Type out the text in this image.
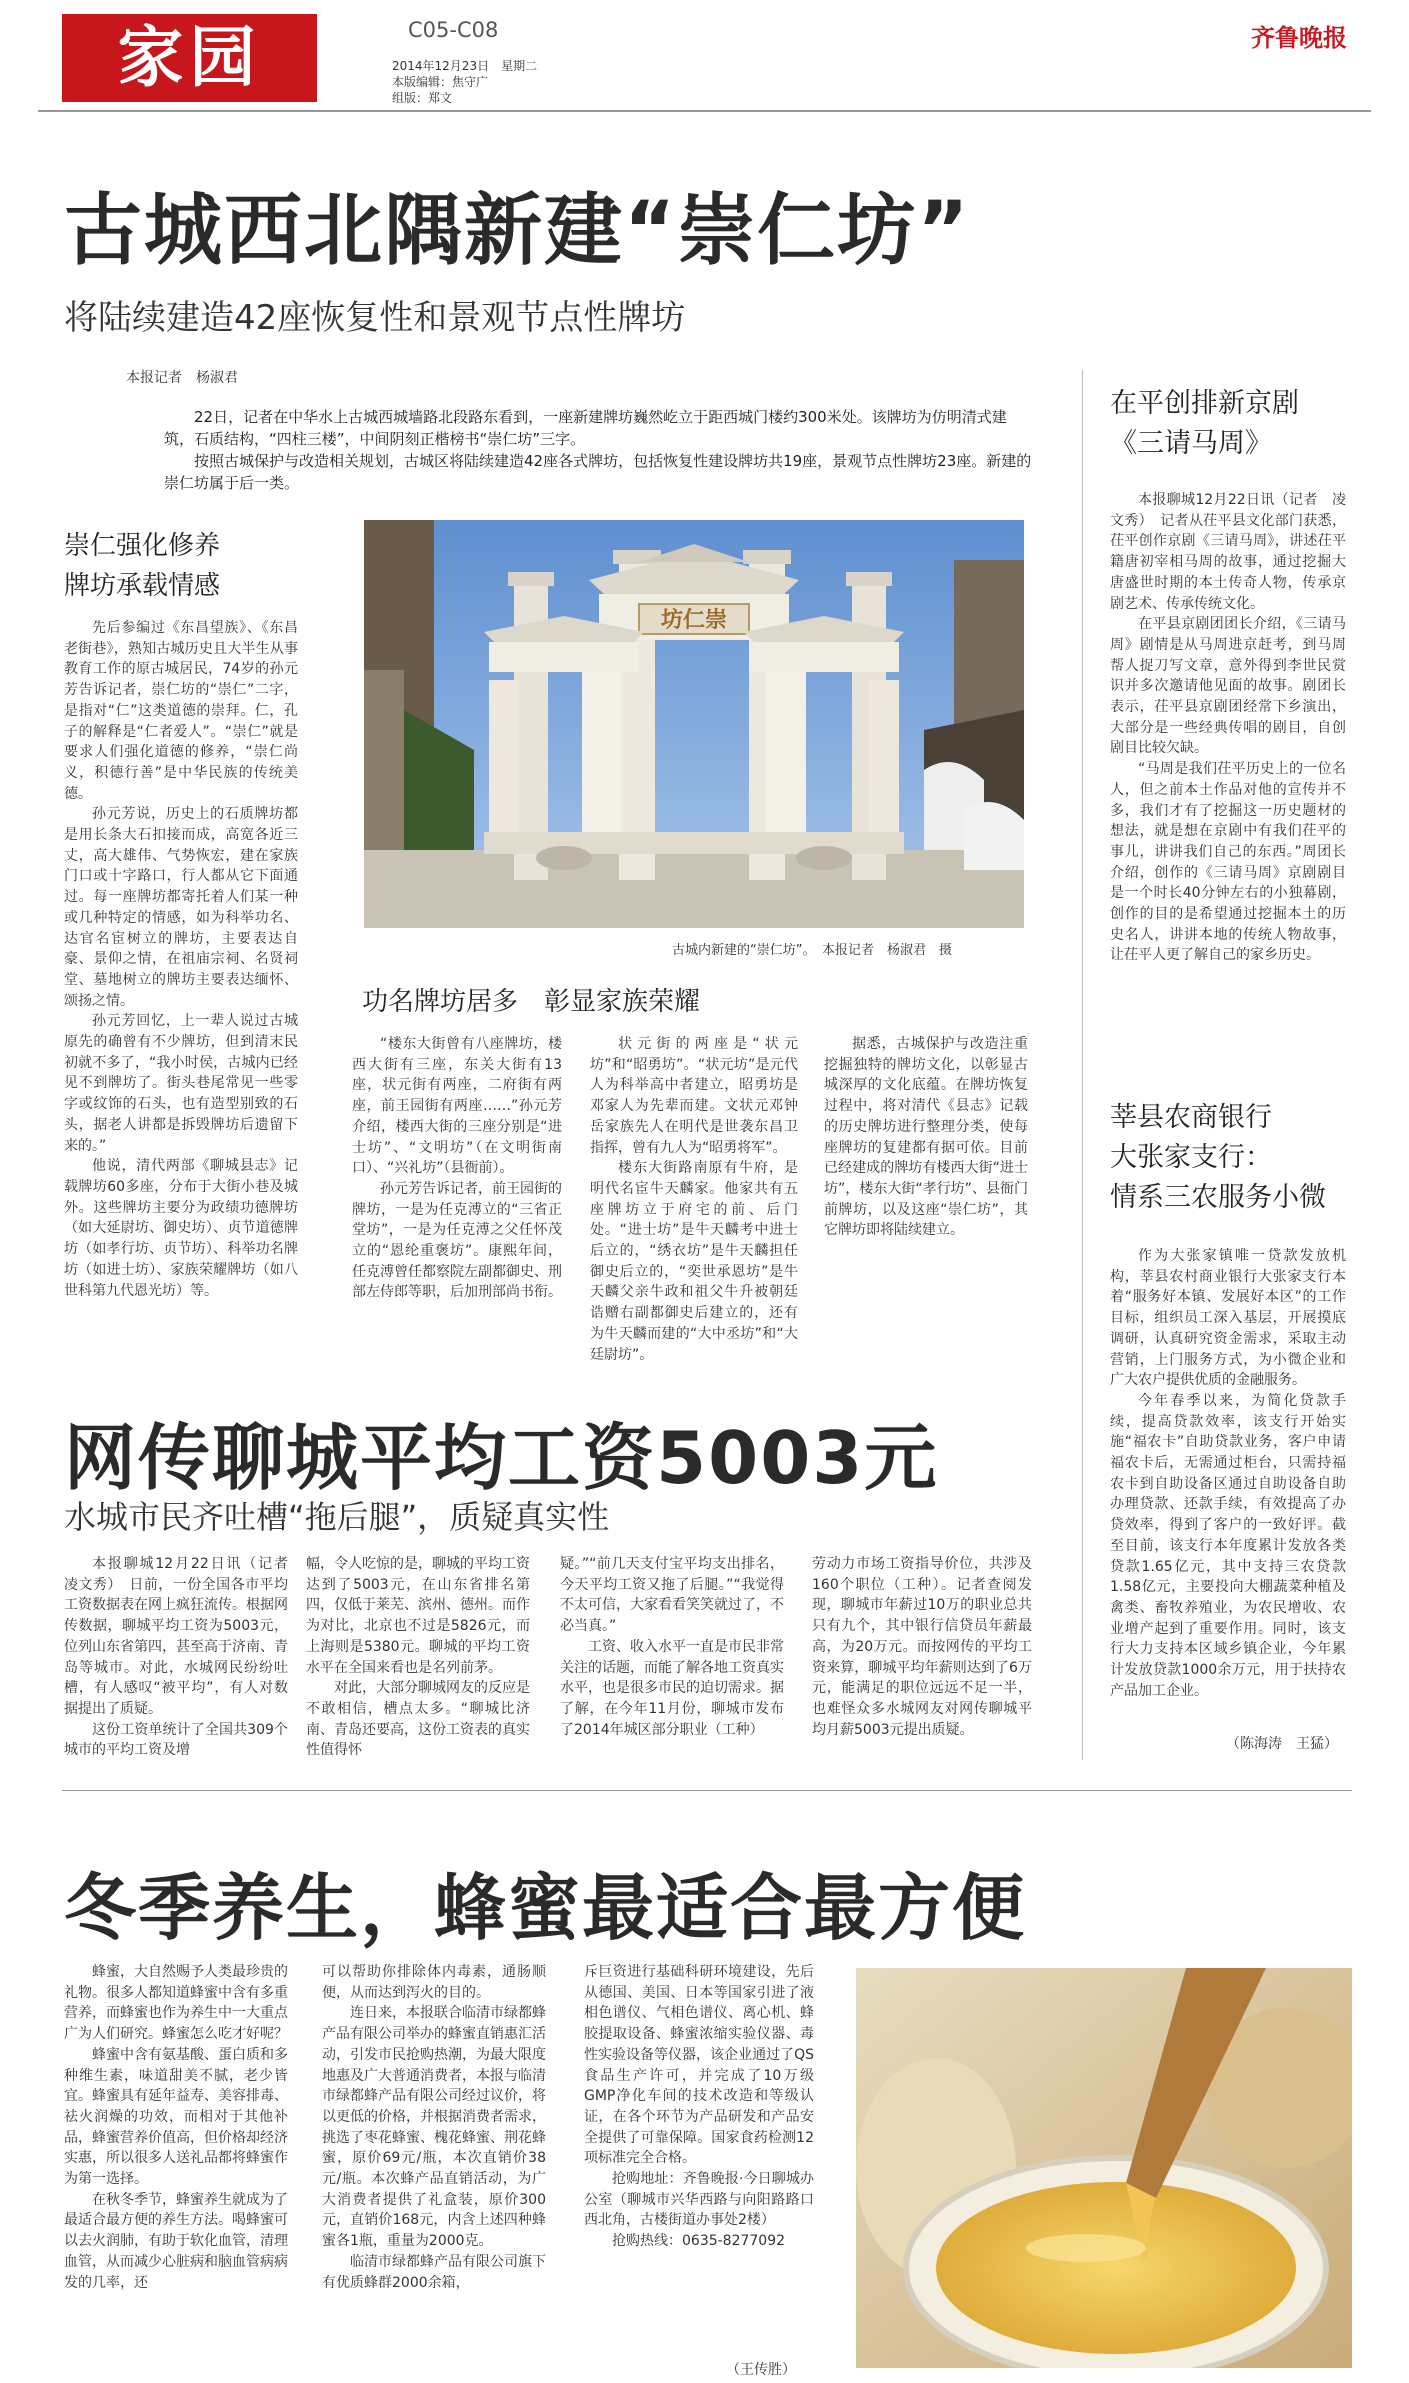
家园	C05-C08
2014年12月23日　星期二
本版编辑：焦守广
组版：郑文
齐鲁晚报
古城西北隅新建“崇仁坊”
将陆续建造42座恢复性和景观节点性牌坊
本报记者　杨淑君

22日，记者在中华水上古城西城墙路北段路东看到，一座新建牌坊巍然屹立于距西城门楼约300米处。该牌坊为仿明清式建筑，石质结构，“四柱三楼”，中间阴刻正楷榜书“崇仁坊”三字。

按照古城保护与改造相关规划，古城区将陆续建造42座各式牌坊，包括恢复性建设牌坊共19座，景观节点性牌坊23座。新建的崇仁坊属于后一类。

崇仁强化修养
牌坊承载情感

先后参编过《东昌望族》、《东昌老街巷》，熟知古城历史且大半生从事教育工作的原古城居民，74岁的孙元芳告诉记者，崇仁坊的“崇仁”二字，是指对“仁”这类道德的崇拜。仁，孔子的解释是“仁者爱人”。“崇仁”就是要求人们强化道德的修养，“崇仁尚义，积德行善”是中华民族的传统美德。

孙元芳说，历史上的石质牌坊都是用长条大石扣接而成，高宽各近三丈，高大雄伟、气势恢宏，建在家族门口或十字路口，行人都从它下面通过。每一座牌坊都寄托着人们某一种或几种特定的情感，如为科举功名、达官名宦树立的牌坊，主要表达自豪、景仰之情，在祖庙宗祠、名贤祠堂、墓地树立的牌坊主要表达缅怀、颂扬之情。

孙元芳回忆，上一辈人说过古城原先的确曾有不少牌坊，但到清末民初就不多了，“我小时侯，古城内已经见不到牌坊了。街头巷尾常见一些零字或纹饰的石头，也有造型别致的石头，据老人讲都是拆毁牌坊后遗留下来的。”

他说，清代两部《聊城县志》记载牌坊60多座，分布于大街小巷及城外。这些牌坊主要分为政绩功德牌坊（如大延尉坊、御史坊）、贞节道德牌坊（如孝行坊、贞节坊）、科举功名牌坊（如进士坊）、家族荣耀牌坊（如八世科第九代恩光坊）等。

坊仁崇
古城内新建的“崇仁坊”。　本报记者　杨淑君　摄
功名牌坊居多　彰显家族荣耀

“楼东大街曾有八座牌坊，楼西大街有三座，东关大街有13座，状元街有两座，二府街有两座，前王园街有两座……”孙元芳介绍，楼西大街的三座分别是“进士坊”、“文明坊”（在文明街南口）、“兴礼坊”（县衙前）。

孙元芳告诉记者，前王园街的牌坊，一是为任克溥立的“三省正堂坊”，一是为任克溥之父任怀茂立的“恩纶重褒坊”。康熙年间，任克溥曾任都察院左副都御史、刑部左侍郎等职，后加刑部尚书衔。

状元街的两座是“状元坊”和“昭勇坊”。“状元坊”是元代人为科举高中者建立，昭勇坊是邓家人为先辈而建。文状元邓钟岳家族先人在明代是世袭东昌卫指挥，曾有九人为“昭勇将军”。

楼东大街路南原有牛府，是明代名宦牛天麟家。他家共有五座牌坊立于府宅的前、后门处。“进士坊”是牛天麟考中进士后立的，“绣衣坊”是牛天麟担任御史后立的，“奕世承恩坊”是牛天麟父亲牛政和祖父牛升被朝廷诰赠右副都御史后建立的，还有为牛天麟而建的“大中丞坊”和“大廷尉坊”。

据悉，古城保护与改造注重挖掘独特的牌坊文化，以彰显古城深厚的文化底蕴。在牌坊恢复过程中，将对清代《县志》记载的历史牌坊进行整理分类，使每座牌坊的复建都有据可依。目前已经建成的牌坊有楼西大街“进士坊”，楼东大街“孝行坊”、县衙门前牌坊，以及这座“崇仁坊”，其它牌坊即将陆续建立。

在平创排新京剧
《三请马周》

本报聊城12月22日讯（记者　凌文秀）　记者从茌平县文化部门获悉，茌平创作京剧《三请马周》，讲述茌平籍唐初宰相马周的故事，通过挖掘大唐盛世时期的本土传奇人物，传承京剧艺术、传承传统文化。

在平县京剧团团长介绍，《三请马周》剧情是从马周进京赶考，到马周帮人捉刀写文章，意外得到李世民赏识并多次邀请他见面的故事。剧团长表示，茌平县京剧团经常下乡演出，大部分是一些经典传唱的剧目，自创剧目比较欠缺。

“马周是我们茌平历史上的一位名人，但之前本土作品对他的宣传并不多，我们才有了挖掘这一历史题材的想法，就是想在京剧中有我们茌平的事儿，讲讲我们自己的东西。”周团长介绍，创作的《三请马周》京剧剧目是一个时长40分钟左右的小独幕剧，创作的目的是希望通过挖掘本土的历史名人，讲讲本地的传统人物故事，让茌平人更了解自己的家乡历史。

莘县农商银行
大张家支行：
情系三农服务小微

作为大张家镇唯一贷款发放机构，莘县农村商业银行大张家支行本着“服务好本镇、发展好本区”的工作目标，组织员工深入基层，开展摸底调研，认真研究资金需求，采取主动营销，上门服务方式，为小微企业和广大农户提供优质的金融服务。

今年春季以来，为简化贷款手续，提高贷款效率，该支行开始实施“福农卡”自助贷款业务，客户申请福农卡后，无需通过柜台，只需持福农卡到自助设备区通过自助设备自助办理贷款、还款手续，有效提高了办贷效率，得到了客户的一致好评。截至目前，该支行本年度累计发放各类贷款1.65亿元，其中支持三农贷款1.58亿元，主要投向大棚蔬菜种植及禽类、畜牧养殖业，为农民增收、农业增产起到了重要作用。同时，该支行大力支持本区域乡镇企业，今年累计发放贷款1000余万元，用于扶持农产品加工企业。

（陈海涛　王猛）
网传聊城平均工资5003元
水城市民齐吐槽“拖后腿”，质疑真实性

本报聊城12月22日讯（记者　凌文秀）　日前，一份全国各市平均工资数据表在网上疯狂流传。根据网传数据，聊城平均工资为5003元，位列山东省第四，甚至高于济南、青岛等城市。对此，水城网民纷纷吐槽，有人感叹“被平均”，有人对数据提出了质疑。

这份工资单统计了全国共309个城市的平均工资及增

幅，令人吃惊的是，聊城的平均工资达到了5003元，在山东省排名第四，仅低于莱芜、滨州、德州。而作为对比，北京也不过是5826元，而上海则是5380元。聊城的平均工资水平在全国来看也是名列前茅。

对此，大部分聊城网友的反应是不敢相信，槽点太多。“聊城比济南、青岛还要高，这份工资表的真实性值得怀

疑。”“前几天支付宝平均支出排名，今天平均工资又拖了后腿。”“我觉得不太可信，大家看看笑笑就过了，不必当真。”

工资、收入水平一直是市民非常关注的话题，而能了解各地工资真实水平，也是很多市民的迫切需求。据了解，在今年11月份，聊城市发布了2014年城区部分职业（工种）

劳动力市场工资指导价位，共涉及160个职位（工种）。记者查阅发现，聊城市年薪过10万的职业总共只有九个，其中银行信贷员年薪最高，为20万元。而按网传的平均工资来算，聊城平均年薪则达到了6万元，能满足的职位远远不足一半，也难怪众多水城网友对网传聊城平均月薪5003元提出质疑。

冬季养生，蜂蜜最适合最方便

蜂蜜，大自然赐予人类最珍贵的礼物。很多人都知道蜂蜜中含有多重营养，而蜂蜜也作为养生中一大重点广为人们研究。蜂蜜怎么吃才好呢？

蜂蜜中含有氨基酸、蛋白质和多种维生素，味道甜美不腻，老少皆宜。蜂蜜具有延年益寿、美容排毒、祛火润燥的功效，而相对于其他补品，蜂蜜营养价值高，但价格却经济实惠，所以很多人送礼品都将蜂蜜作为第一选择。

在秋冬季节，蜂蜜养生就成为了最适合最方便的养生方法。喝蜂蜜可以去火润肺，有助于软化血管，清理血管，从而减少心脏病和脑血管病病发的几率，还

可以帮助你排除体内毒素，通肠顺便，从而达到泻火的目的。

连日来，本报联合临清市绿都蜂产品有限公司举办的蜂蜜直销惠汇活动，引发市民抢购热潮，为最大限度地惠及广大普通消费者，本报与临清市绿都蜂产品有限公司经过议价，将以更低的价格，并根据消费者需求，挑选了枣花蜂蜜、槐花蜂蜜、荆花蜂蜜，原价69元/瓶，本次直销价38元/瓶。本次蜂产品直销活动，为广大消费者提供了礼盒装，原价300元，直销价168元，内含上述四种蜂蜜各1瓶，重量为2000克。

临清市绿都蜂产品有限公司旗下有优质蜂群2000余箱，

斥巨资进行基础科研环境建设，先后从德国、美国、日本等国家引进了液相色谱仪、气相色谱仪、离心机、蜂胶提取设备、蜂蜜浓缩实验仪器、毒性实验设备等仪器，该企业通过了QS食品生产许可，并完成了10万级GMP净化车间的技术改造和等级认证，在各个环节为产品研发和产品安全提供了可靠保障。国家食药检测12项标准完全合格。

抢购地址：齐鲁晚报·今日聊城办公室（聊城市兴华西路与向阳路路口西北角，古楼街道办事处2楼）

抢购热线：0635-8277092

（王传胜）
